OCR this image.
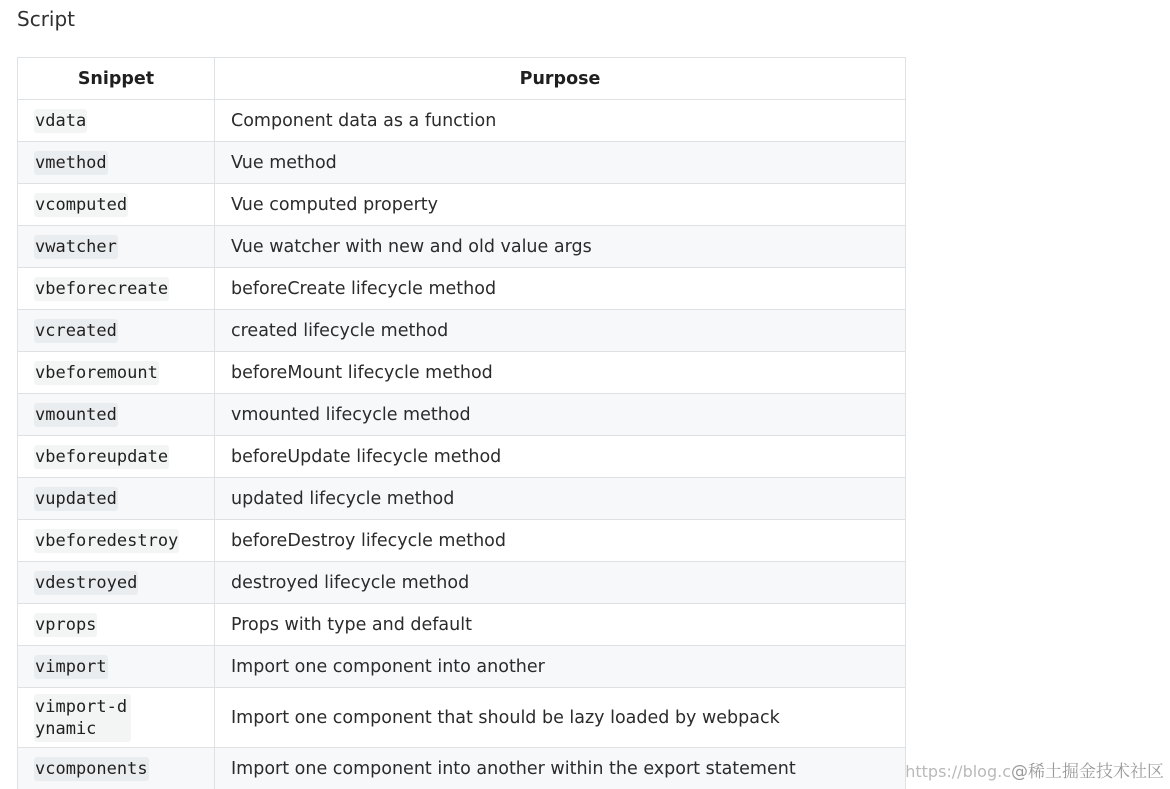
Script
Snippet	Purpose
vdata	Component data as a function
vmethod	Vue method
vcomputed	Vue computed property
vwatcher	Vue watcher with new and old value args
vbeforecreate	beforeCreate lifecycle method
vcreated	created lifecycle method
vbeforemount	beforeMount lifecycle method
vmounted	vmounted lifecycle method
vbeforeupdate	beforeUpdate lifecycle method
vupdated	updated lifecycle method
vbeforedestroy	beforeDestroy lifecycle method
vdestroyed	destroyed lifecycle method
vprops	Props with type and default
vimport	Import one component into another
vimport-dynamic	Import one component that should be lazy loaded by webpack
vcomponents	Import one component into another within the export statement	https://blog.c@稀土掘金技术社区
